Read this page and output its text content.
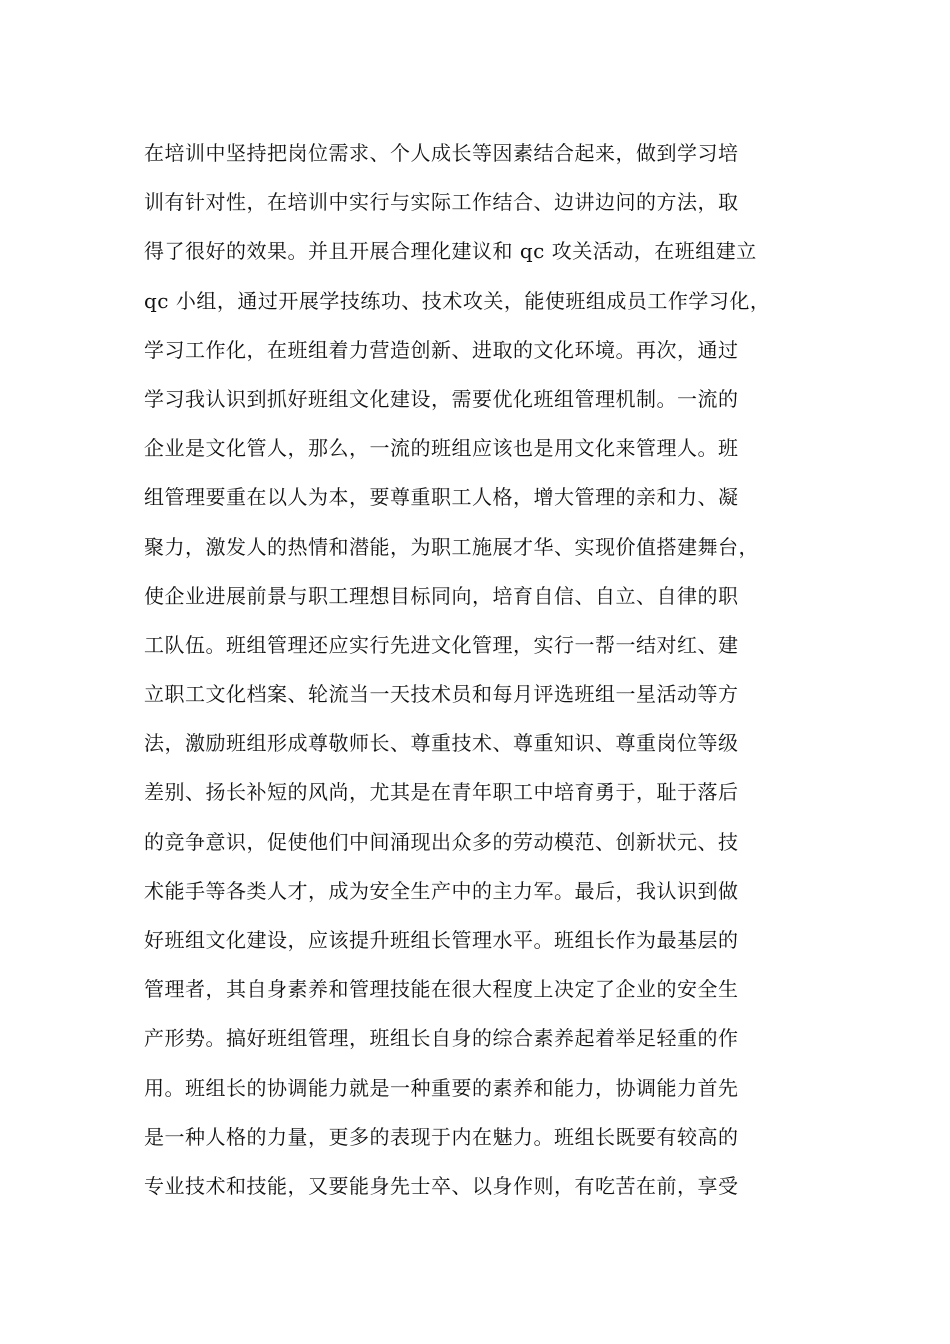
在培训中坚持把岗位需求、个人成长等因素结合起来，做到学习培
训有针对性，在培训中实行与实际工作结合、边讲边问的方法，取
得了很好的效果。并且开展合理化建议和 qc 攻关活动，在班组建立
qc 小组，通过开展学技练功、技术攻关，能使班组成员工作学习化，
学习工作化，在班组着力营造创新、进取的文化环境。再次，通过
学习我认识到抓好班组文化建设，需要优化班组管理机制。一流的
企业是文化管人，那么，一流的班组应该也是用文化来管理人。班
组管理要重在以人为本，要尊重职工人格，增大管理的亲和力、凝
聚力，激发人的热情和潜能，为职工施展才华、实现价值搭建舞台，
使企业进展前景与职工理想目标同向，培育自信、自立、自律的职
工队伍。班组管理还应实行先进文化管理，实行一帮一结对红、建
立职工文化档案、轮流当一天技术员和每月评选班组一星活动等方
法，激励班组形成尊敬师长、尊重技术、尊重知识、尊重岗位等级
差别、扬长补短的风尚，尤其是在青年职工中培育勇于，耻于落后
的竞争意识，促使他们中间涌现出众多的劳动模范、创新状元、技
术能手等各类人才，成为安全生产中的主力军。最后，我认识到做
好班组文化建设，应该提升班组长管理水平。班组长作为最基层的
管理者，其自身素养和管理技能在很大程度上决定了企业的安全生
产形势。搞好班组管理，班组长自身的综合素养起着举足轻重的作
用。班组长的协调能力就是一种重要的素养和能力，协调能力首先
是一种人格的力量，更多的表现于内在魅力。班组长既要有较高的
专业技术和技能，又要能身先士卒、以身作则，有吃苦在前，享受
